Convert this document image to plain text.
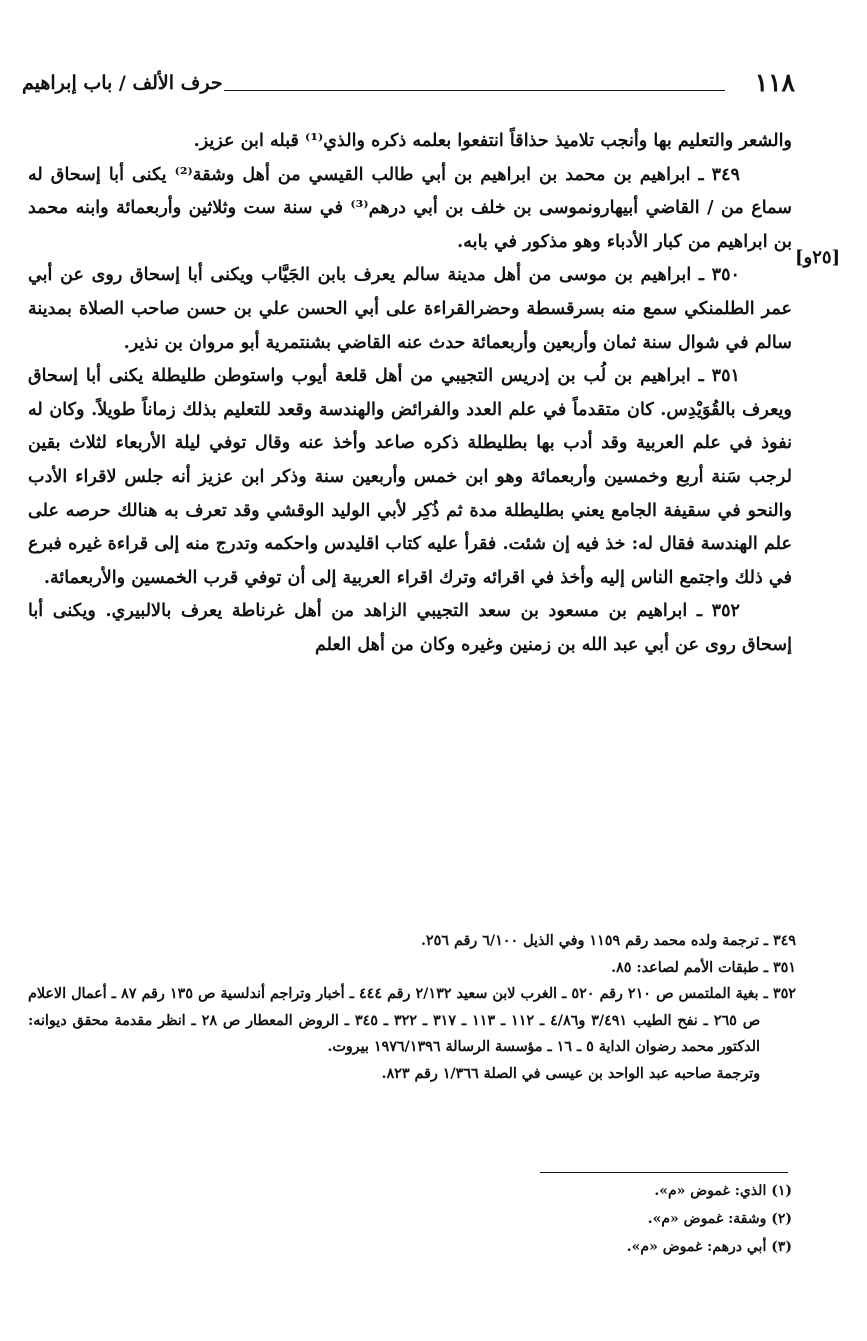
١١٨
حرف الألف / باب إبراهيم
[٢٥و]

والشعر والتعليم بها وأنجب تلاميذ حذاقاً انتفعوا بعلمه ذكره والذي⁽¹⁾ قبله ابن عزيز.

٣٤٩ ـ ابراهيم بن محمد بن ابراهيم بن أبي طالب القيسي من أهل وشقة⁽²⁾ يكنى أبا إسحاق له سماع من / القاضي أبيهارونموسى بن خلف بن أبي درهم⁽³⁾ في سنة ست وثلاثين وأربعمائة وابنه محمد بن ابراهيم من كبار الأدباء وهو مذكور في بابه.

٣٥٠ ـ ابراهيم بن موسى من أهل مدينة سالم يعرف بابن الجَيَّاب ويكنى أبا إسحاق روى عن أبي عمر الطلمنكي سمع منه بسرقسطة وحضرالقراءة على أبي الحسن علي بن حسن صاحب الصلاة بمدينة سالم في شوال سنة ثمان وأربعين وأربعمائة حدث عنه القاضي بشنتمرية أبو مروان بن نذير.

٣٥١ ـ ابراهيم بن لُب بن إدريس التجيبي من أهل قلعة أيوب واستوطن طليطلة يكنى أبا إسحاق ويعرف بالقُوَيْدِس. كان متقدماً في علم العدد والفرائض والهندسة وقعد للتعليم بذلك زماناً طويلاً. وكان له نفوذ في علم العربية وقد أدب بها بطليطلة ذكره صاعد وأخذ عنه وقال توفي ليلة الأربعاء لثلاث بقين لرجب سَنة أربع وخمسين وأربعمائة وهو ابن خمس وأربعين سنة وذكر ابن عزيز أنه جلس لاقراء الأدب والنحو في سقيفة الجامع يعني بطليطلة مدة ثم ذُكِر لأبي الوليد الوقشي وقد تعرف به هنالك حرصه على علم الهندسة فقال له: خذ فيه إن شئت. فقرأ عليه كتاب اقليدس واحكمه وتدرج منه إلى قراءة غيره فبرع في ذلك واجتمع الناس إليه وأخذ في اقرائه وترك اقراء العربية إلى أن توفي قرب الخمسين والأربعمائة.

٣٥٢ ـ ابراهيم بن مسعود بن سعد التجيبي الزاهد من أهل غرناطة يعرف بالالبيري. ويكنى أبا إسحاق روى عن أبي عبد الله بن زمنين وغيره وكان من أهل العلم

٣٤٩ ـ ترجمة ولده محمد رقم ١١٥٩ وفي الذيل ٦/١٠٠ رقم ٢٥٦.

٣٥١ ـ طبقات الأمم لصاعد: ٨٥.

٣٥٢ ـ بغية الملتمس ص ٢١٠ رقم ٥٢٠ ـ الغرب لابن سعيد ٢/١٣٢ رقم ٤٤٤ ـ أخبار وتراجم أندلسية ص ١٣٥ رقم ٨٧ ـ أعمال الاعلام ص ٢٦٥ ـ نفح الطيب ٣/٤٩١ و٤/٨٦ ـ ١١٢ ـ ١١٣ ـ ٣١٧ ـ ٣٢٢ ـ ٣٤٥ ـ الروض المعطار ص ٢٨ ـ انظر مقدمة محقق ديوانه: الدكتور محمد رضوان الداية ٥ ـ ١٦ ـ مؤسسة الرسالة ١٩٧٦/١٣٩٦ بيروت.

وترجمة صاحبه عبد الواحد بن عيسى في الصلة ١/٣٦٦ رقم ٨٢٣.

(١) الذي: غموض «م».

(٢) وشقة: غموض «م».

(٣) أبي درهم: غموض «م».
